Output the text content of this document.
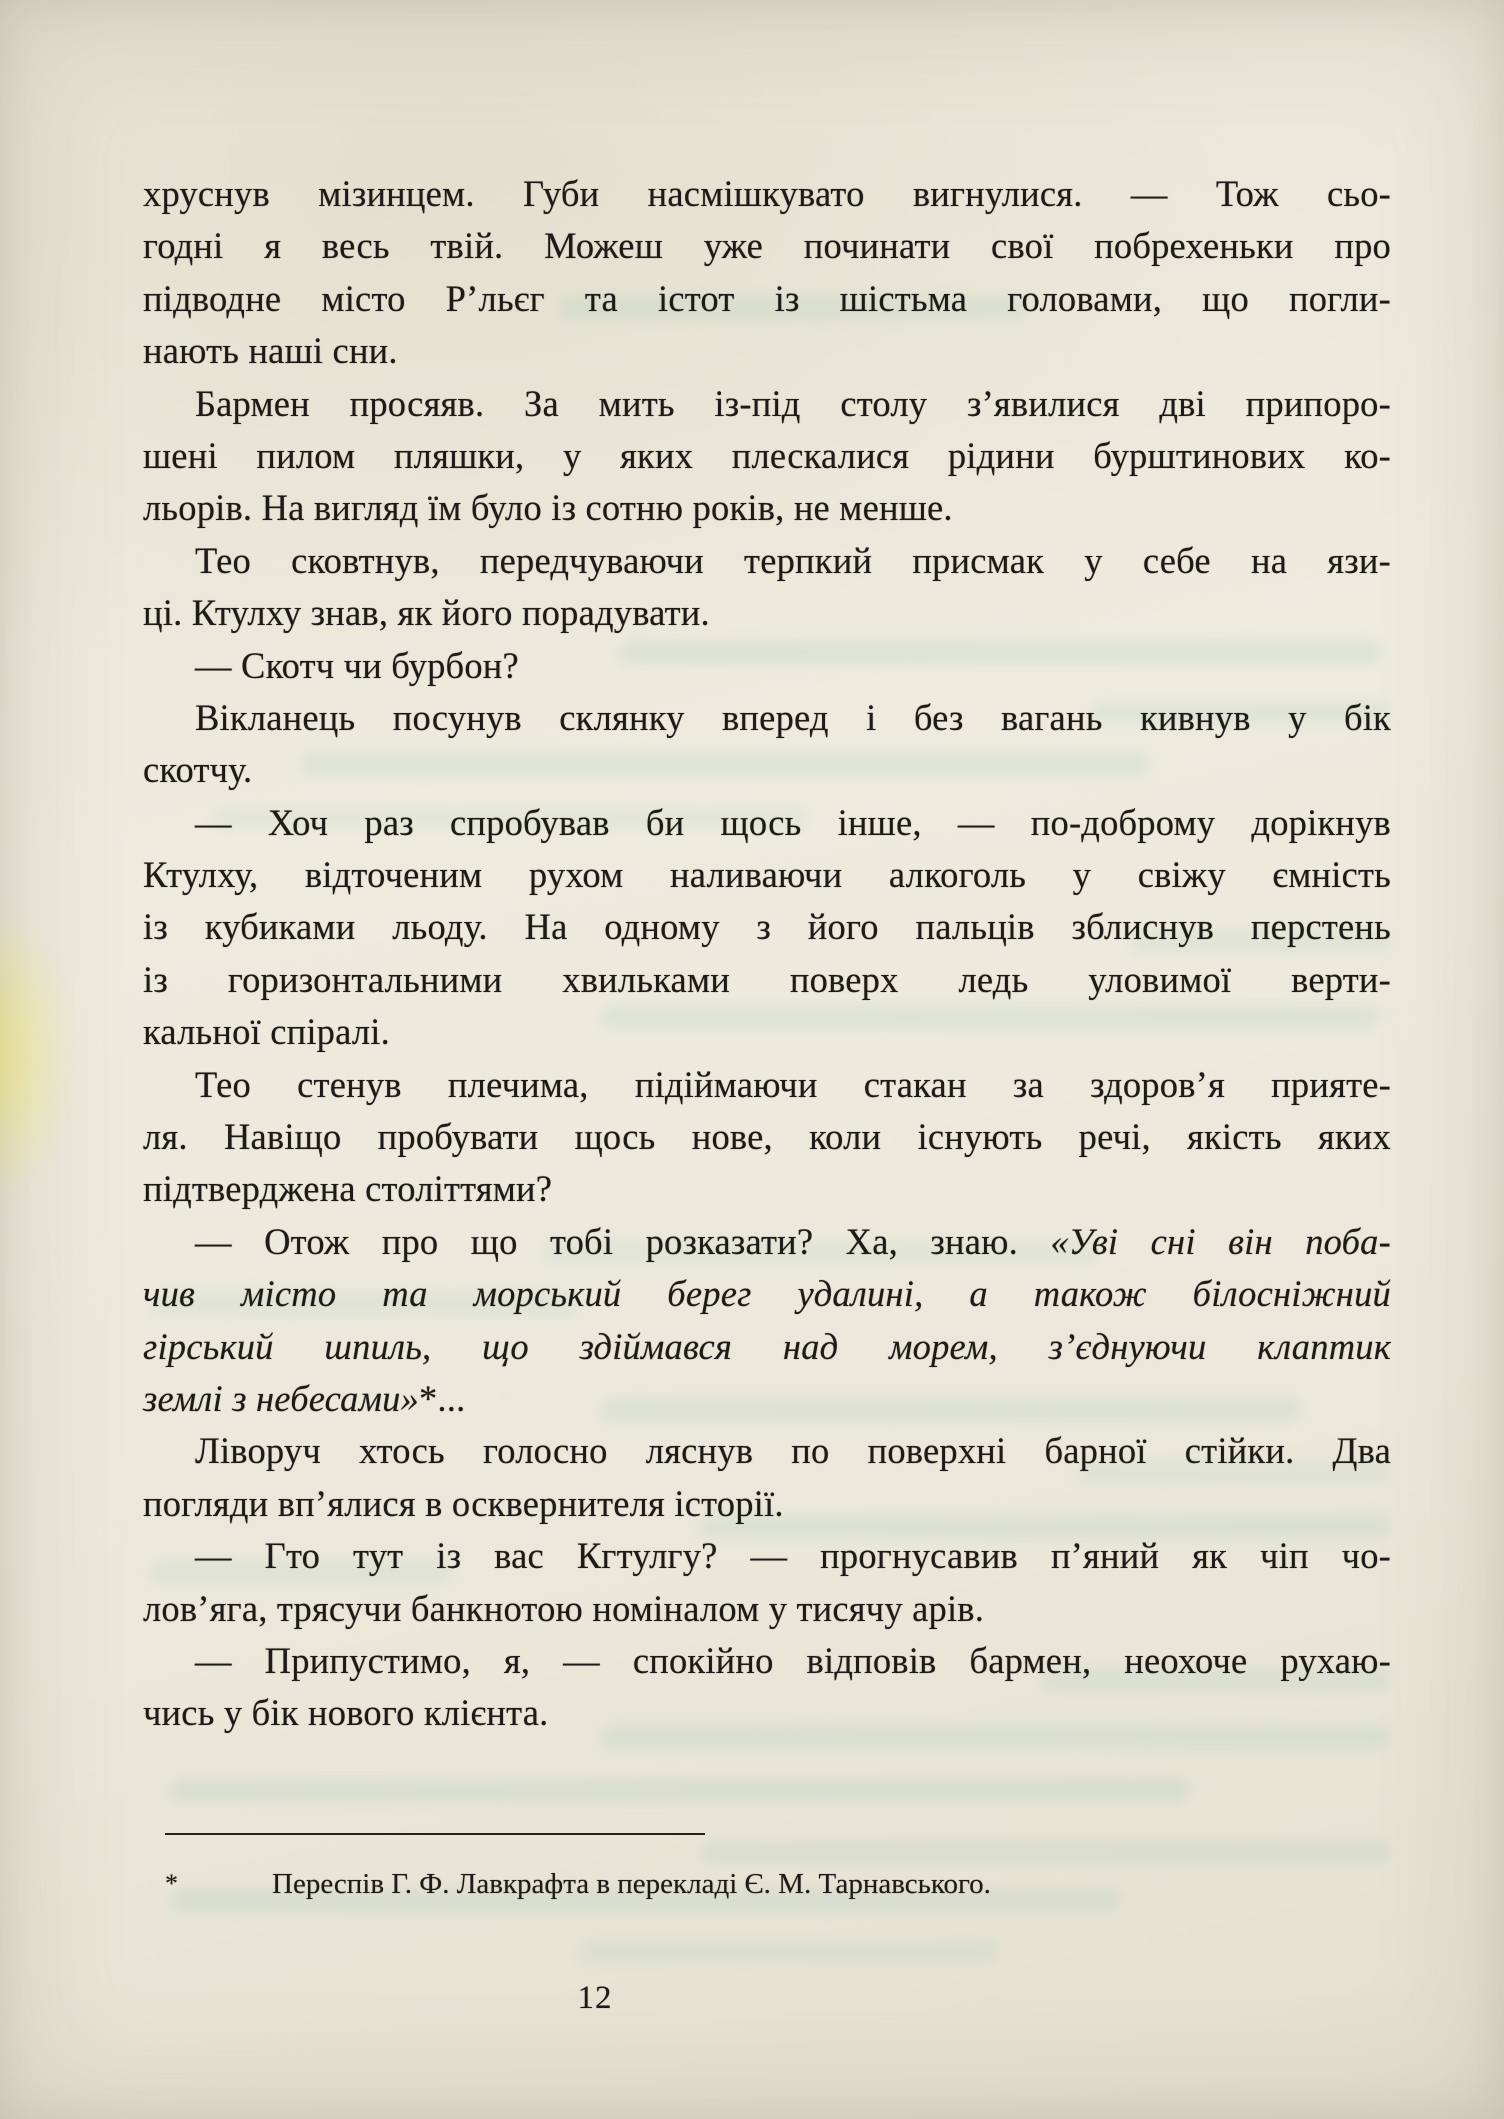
хруснув мізинцем. Губи насмішкувато вигнулися. — Тож сьо-
годні я весь твій. Можеш уже починати свої побрехеньки про
підводне місто Р’льєг та істот із шістьма головами, що погли-
нають наші сни.
Бармен просяяв. За мить із-під столу з’явилися дві припоро-
шені пилом пляшки, у яких плескалися рідини бурштинових ко-
льорів. На вигляд їм було із сотню років, не менше.
Тео сковтнув, передчуваючи терпкий присмак у себе на язи-
ці. Ктулху знав, як його порадувати.
— Скотч чи бурбон?
Вікланець посунув склянку вперед і без вагань кивнув у бік
скотчу.
— Хоч раз спробував би щось інше, — по-доброму дорікнув
Ктулху, відточеним рухом наливаючи алкоголь у свіжу ємність
із кубиками льоду. На одному з його пальців зблиснув перстень
із горизонтальними хвильками поверх ледь уловимої верти-
кальної спіралі.
Тео стенув плечима, підіймаючи стакан за здоров’я прияте-
ля. Навіщо пробувати щось нове, коли існують речі, якість яких
підтверджена століттями?
— Отож про що тобі розказати? Ха, знаю. «Уві сні він поба-
чив місто та морський берег удалині, а також білосніжний
гірський шпиль, що здіймався над морем, з’єднуючи клаптик
землі з небесами»*...
Ліворуч хтось голосно ляснув по поверхні барної стійки. Два
погляди вп’ялися в осквернителя історії.
— Гто тут із вас Кгтулгу? — прогнусавив п’яний як чіп чо-
лов’яга, трясучи банкнотою номіналом у тисячу арів.
— Припустимо, я, — спокійно відповів бармен, неохоче рухаю-
чись у бік нового клієнта.
*	Переспів Г. Ф. Лавкрафта в перекладі Є. М. Тарнавського.
12
